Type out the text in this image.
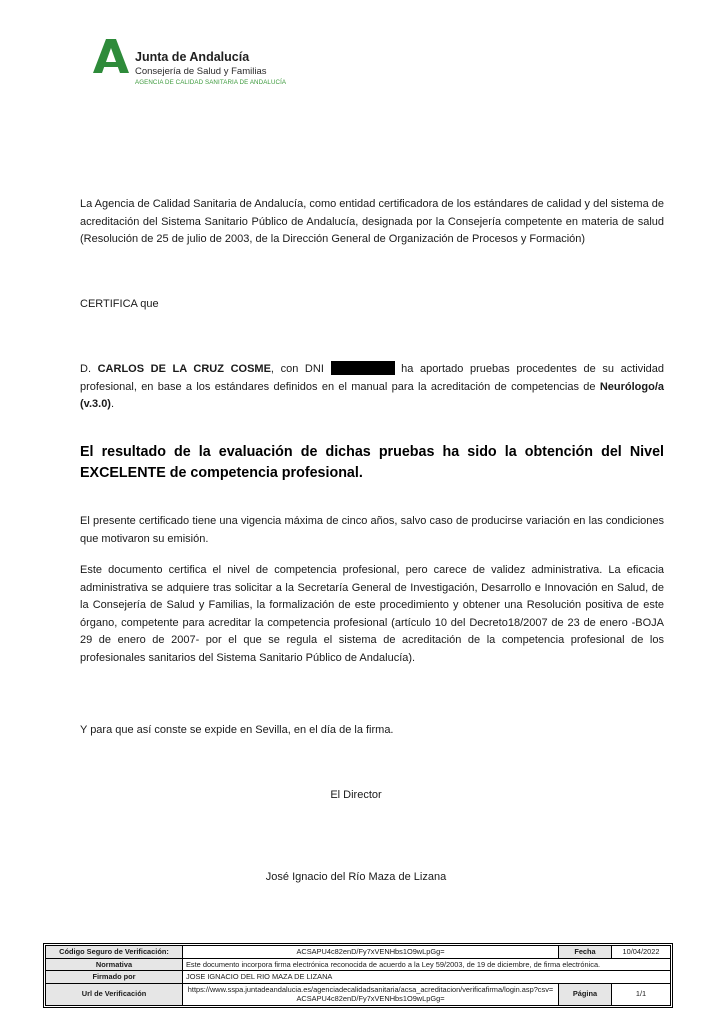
Junta de Andalucía
Consejería de Salud y Familias
AGENCIA DE CALIDAD SANITARIA DE ANDALUCÍA
La Agencia de Calidad Sanitaria de Andalucía, como entidad certificadora de los estándares de calidad y del sistema de acreditación del Sistema Sanitario Público de Andalucía, designada por la Consejería competente en materia de salud (Resolución de 25 de julio de 2003, de la Dirección General de Organización de Procesos y Formación)
CERTIFICA que
D. CARLOS DE LA CRUZ COSME, con DNI	ha aportado pruebas procedentes de su actividad profesional, en base a los estándares definidos en el manual para la acreditación de competencias de Neurólogo/a (v.3.0).
El resultado de la evaluación de dichas pruebas ha sido la obtención del Nivel EXCELENTE de competencia profesional.
El presente certificado tiene una vigencia máxima de cinco años, salvo caso de producirse variación en las condiciones que motivaron su emisión.
Este documento certifica el nivel de competencia profesional, pero carece de validez administrativa. La eficacia administrativa se adquiere tras solicitar a la Secretaría General de Investigación, Desarrollo e Innovación en Salud, de la Consejería de Salud y Familias, la formalización de este procedimiento y obtener una Resolución positiva de este órgano, competente para acreditar la competencia profesional (artículo 10 del Decreto18/2007 de 23 de enero -BOJA 29 de enero de 2007- por el que se regula el sistema de acreditación de la competencia profesional de los profesionales sanitarios del Sistema Sanitario Público de Andalucía).
Y para que así conste se expide en Sevilla, en el día de la firma.
El Director
José Ignacio del Río Maza de Lizana
Código Seguro de Verificación:	ACSAPU4c82enD/Fy7xVENHbs1O9wLpGg=	Fecha	10/04/2022
Normativa	Este documento incorpora firma electrónica reconocida de acuerdo a la Ley 59/2003, de 19 de diciembre, de firma electrónica.		
Firmado por	JOSE IGNACIO DEL RIO MAZA DE LIZANA		
Url de Verificación	https://www.sspa.juntadeandalucia.es/agenciadecalidadsanitaria/acsa_acreditacion/verificafirma/login.asp?csv=ACSAPU4c82enD/Fy7xVENHbs1O9wLpGg=	Página	1/1
